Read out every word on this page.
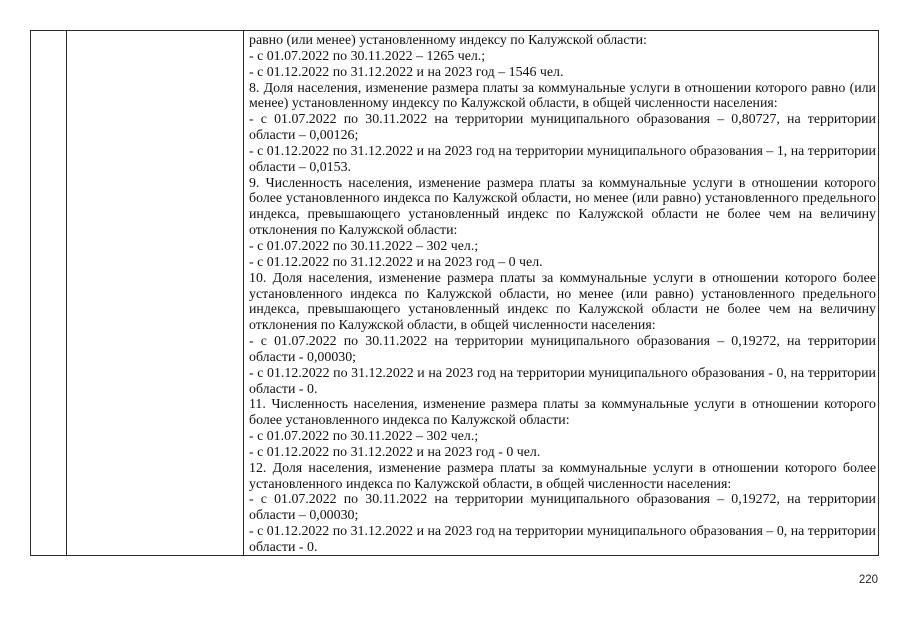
равно (или менее) установленному индексу по Калужской области:

- с 01.07.2022 по 30.11.2022 – 1265 чел.;

- с 01.12.2022 по 31.12.2022 и на 2023 год – 1546 чел.

8. Доля населения, изменение размера платы за коммунальные услуги в отношении которого равно (или менее) установленному индексу по Калужской области, в общей численности населения:

- с 01.07.2022 по 30.11.2022 на территории муниципального образования – 0,80727, на территории области – 0,00126;

- с 01.12.2022 по 31.12.2022 и на 2023 год на территории муниципального образования – 1, на территории области – 0,0153.

9. Численность населения, изменение размера платы за коммунальные услуги в отношении которого более установленного индекса по Калужской области, но менее (или равно) установленного предельного индекса, превышающего установленный индекс по Калужской области не более чем на величину отклонения по Калужской области:

- с 01.07.2022 по 30.11.2022 – 302 чел.;

- с 01.12.2022 по 31.12.2022 и на 2023 год – 0 чел.

10. Доля населения, изменение размера платы за коммунальные услуги в отношении которого более установленного индекса по Калужской области, но менее (или равно) установленного предельного индекса, превышающего установленный индекс по Калужской области не более чем на величину отклонения по Калужской области, в общей численности населения:

- с 01.07.2022 по 30.11.2022 на территории муниципального образования – 0,19272, на территории области - 0,00030;

- с 01.12.2022 по 31.12.2022 и на 2023 год на территории муниципального образования - 0, на территории области - 0.

11. Численность населения, изменение размера платы за коммунальные услуги в отношении которого более установленного индекса по Калужской области:

- с 01.07.2022 по 30.11.2022 – 302 чел.;

- с 01.12.2022 по 31.12.2022 и на 2023 год - 0 чел.

12. Доля населения, изменение размера платы за коммунальные услуги в отношении которого более установленного индекса по Калужской области, в общей численности населения:

- с 01.07.2022 по 30.11.2022 на территории муниципального образования – 0,19272, на территории области – 0,00030;

- с 01.12.2022 по 31.12.2022 и на 2023 год на территории муниципального образования – 0, на территории области - 0.

220
